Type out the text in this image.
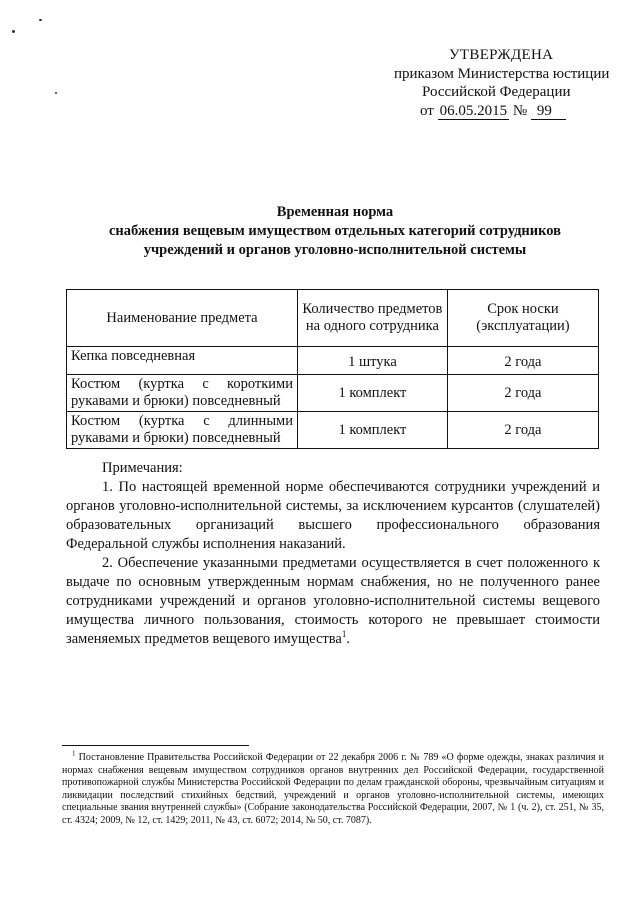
УТВЕРЖДЕНА
приказом Министерства юстиции
Российской Федерации
от 06.05.2015 № 99
Временная норма
снабжения вещевым имуществом отдельных категорий сотрудников
учреждений и органов уголовно-исполнительной системы
Наименование предмета	Количество предметов на одного сотрудника	Срок носки (эксплуатации)
Кепка повседневная	1 штука	2 года
Костюм (куртка с короткими рукавами и брюки) повседневный	1 комплект	2 года
Костюм (куртка с длинными рукавами и брюки) повседневный	1 комплект	2 года
Примечания:

1. По настоящей временной норме обеспечиваются сотрудники учреждений и органов уголовно-исполнительной системы, за исключением курсантов (слушателей) образовательных организаций высшего профессионального образования Федеральной службы исполнения наказаний.

2. Обеспечение указанными предметами осуществляется в счет положенного к выдаче по основным утвержденным нормам снабжения, но не полученного ранее сотрудниками учреждений и органов уголовно-исполнительной системы вещевого имущества личного пользования, стоимость которого не превышает стоимости заменяемых предметов вещевого имущества$^1$.

$^1$ Постановление Правительства Российской Федерации от 22 декабря 2006 г. № 789 «О форме одежды, знаках различия и нормах снабжения вещевым имуществом сотрудников органов внутренних дел Российской Федерации, государственной противопожарной службы Министерства Российской Федерации по делам гражданской обороны, чрезвычайным ситуациям и ликвидации последствий стихийных бедствий, учреждений и органов уголовно-исполнительной системы, имеющих специальные звания внутренней службы» (Собрание законодательства Российской Федерации, 2007, № 1 (ч. 2), ст. 251, № 35, ст. 4324; 2009, № 12, ст. 1429; 2011, № 43, ст. 6072; 2014, № 50, ст. 7087).
